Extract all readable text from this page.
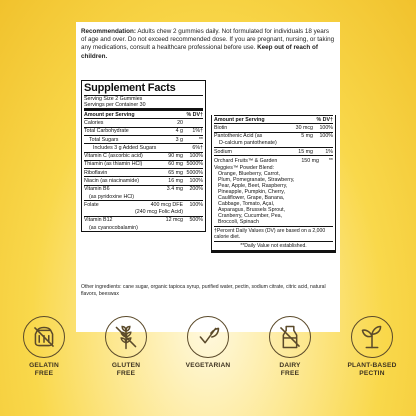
Recommendation: Adults chew 2 gummies daily. Not formulated for individuals 18 years of age and over. Do not exceed recommended dose. If you are pregnant, nursing, or taking any medications, consult a healthcare professional before use. Keep out of reach of children.
Supplement Facts
Serving Size 2 Gummies
Servings per Container 30
Amount per Serving	% DV†
Calories	20
Total Carbohydrate	4 g	1%†
Total Sugars	3 g	**
Includes 3 g Added Sugars	6%†
Vitamin C (ascorbic acid)	90 mg	100%
Thiamin (as thiamin HCl)	60 mg 5000%
Riboflavin	65 mg 5000%
Niacin (as niacinamide)	16 mg	100%
Vitamin B6	3.4 mg	200%
(as pyridoxine HCl)
Folate	400 mcg DFE	100%
(240 mcg Folic Acid)
Vitamin B12	12 mcg	500%
(as cyanocobalamin)
Amount per Serving	% DV†
Biotin	30 mcg	100%
Pantothenic Acid (as	5 mg	100%
D-calcium pantothenate)
Sodium	15 mg	1%
Orchard Fruits™ & Garden Veggies™ Powder Blend:
Orange, Blueberry, Carrot, Plum, Pomegranate, Strawberry, Pear, Apple, Beet, Raspberry, Pineapple, Pumpkin, Cherry, Cauliflower, Grape, Banana, Cabbage, Tomato, Açaí, Asparagus, Brussels Sprout, Cranberry, Cucumber, Pea, Broccoli, Spinach
150 mg	**
†Percent Daily Values (DV) are based on a 2,000 calorie diet.
**Daily Value not established.
Other ingredients: cane sugar, organic tapioca syrup, purified water, pectin, sodium citrate, citric acid, natural flavors, beeswax
GELATIN
FREE
GLUTEN
FREE
VEGETARIAN	DAIRY
FREE
PLANT-BASED
PECTIN
